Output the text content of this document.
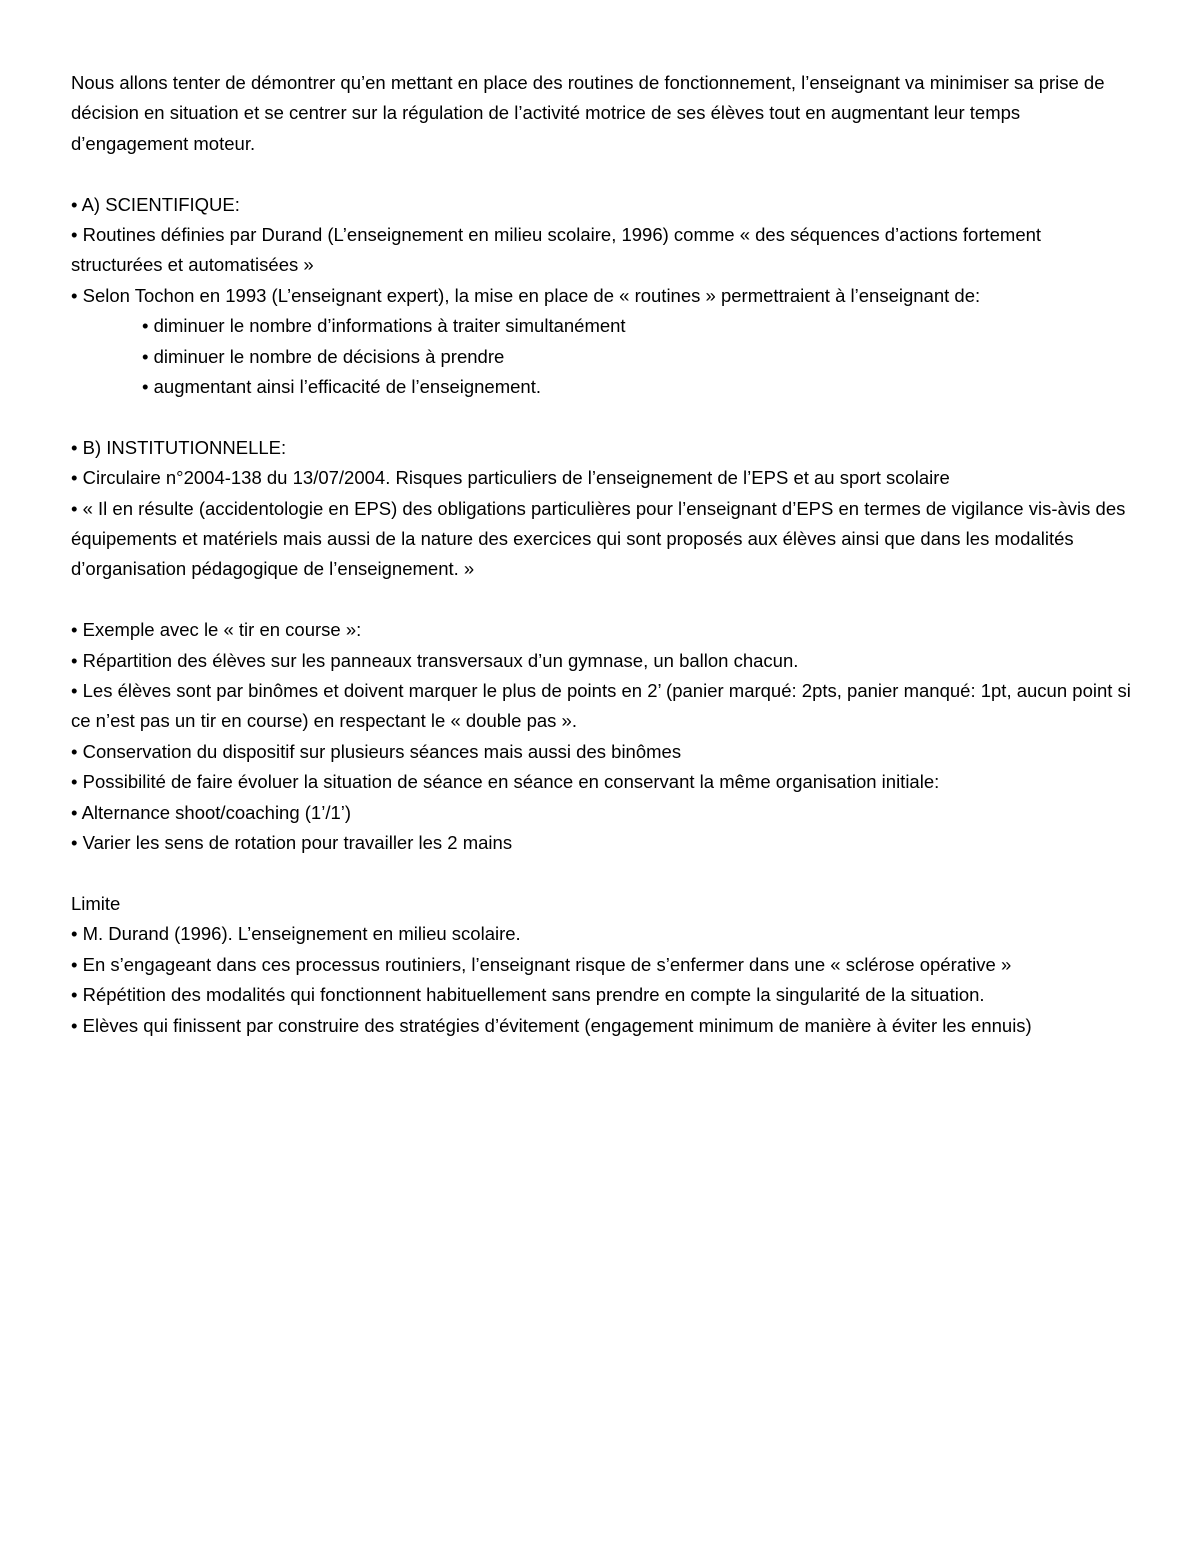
Nous allons tenter de démontrer qu’en mettant en place des routines de fonctionnement, l’enseignant va minimiser sa prise de décision en situation et se centrer sur la régulation de l’activité motrice de ses élèves tout en augmentant leur temps d’engagement moteur.

• A) SCIENTIFIQUE:

• Routines définies par Durand (L’enseignement en milieu scolaire, 1996) comme « des séquences d’actions fortement structurées et automatisées »

• Selon Tochon en 1993 (L’enseignant expert), la mise en place de « routines » permettraient à l’enseignant de:

• diminuer le nombre d’informations à traiter simultanément

• diminuer le nombre de décisions à prendre

• augmentant ainsi l’efficacité de l’enseignement.

• B) INSTITUTIONNELLE:

• Circulaire n°2004-138 du 13/07/2004. Risques particuliers de l’enseignement de l’EPS et au sport scolaire

• « Il en résulte (accidentologie en EPS) des obligations particulières pour l’enseignant d’EPS en termes de vigilance vis-àvis des équipements et matériels mais aussi de la nature des exercices qui sont proposés aux élèves ainsi que dans les modalités d’organisation pédagogique de l’enseignement. »

• Exemple avec le « tir en course »:

• Répartition des élèves sur les panneaux transversaux d’un gymnase, un ballon chacun.

• Les élèves sont par binômes et doivent marquer le plus de points en 2’ (panier marqué: 2pts, panier manqué: 1pt, aucun point si ce n’est pas un tir en course) en respectant le « double pas ».

• Conservation du dispositif sur plusieurs séances mais aussi des binômes

• Possibilité de faire évoluer la situation de séance en séance en conservant la même organisation initiale:

• Alternance shoot/coaching (1’/1’)

• Varier les sens de rotation pour travailler les 2 mains

Limite

• M. Durand (1996). L’enseignement en milieu scolaire.

• En s’engageant dans ces processus routiniers, l’enseignant risque de s’enfermer dans une « sclérose opérative »

• Répétition des modalités qui fonctionnent habituellement sans prendre en compte la singularité de la situation.

• Elèves qui finissent par construire des stratégies d’évitement (engagement minimum de manière à éviter les ennuis)
